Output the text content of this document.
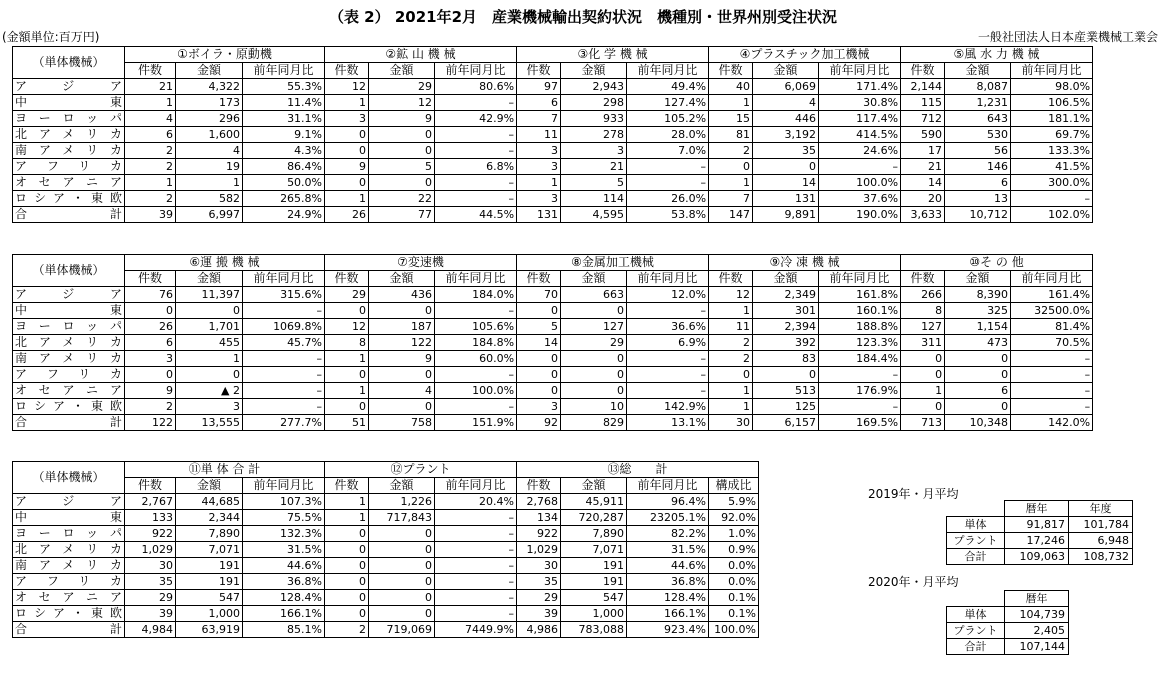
（表 2） 2021年2月　産業機械輸出契約状況　機種別・世界州別受注状況
(金額単位:百万円)	一般社団法人日本産業機械工業会
（単体機械）	①ボイラ・原動機			②鉱 山 機 械			③化 学 機 械			④プラスチック加工機械			⑤風 水 力 機 械		
	件数	金額	前年同月比	件数	金額	前年同月比	件数	金額	前年同月比	件数	金額	前年同月比	件数	金額	前年同月比
アジア	21	4,322	55.3%	12	29	80.6%	97	2,943	49.4%	40	6,069	171.4%	2,144	8,087	98.0%
中東	1	173	11.4%	1	12	–	6	298	127.4%	1	4	30.8%	115	1,231	106.5%
ヨーロッパ	4	296	31.1%	3	9	42.9%	7	933	105.2%	15	446	117.4%	712	643	181.1%
北アメリカ	6	1,600	9.1%	0	0	–	11	278	28.0%	81	3,192	414.5%	590	530	69.7%
南アメリカ	2	4	4.3%	0	0	–	3	3	7.0%	2	35	24.6%	17	56	133.3%
アフリカ	2	19	86.4%	9	5	6.8%	3	21	–	0	0	–	21	146	41.5%
オセアニア	1	1	50.0%	0	0	–	1	5	–	1	14	100.0%	14	6	300.0%
ロシア・東欧	2	582	265.8%	1	22	–	3	114	26.0%	7	131	37.6%	20	13	–
合計	39	6,997	24.9%	26	77	44.5%	131	4,595	53.8%	147	9,891	190.0%	3,633	10,712	102.0%
（単体機械）	⑥運 搬 機 械			⑦変速機			⑧金属加工機械			⑨冷 凍 機 械			⑩そ の 他		
	件数	金額	前年同月比	件数	金額	前年同月比	件数	金額	前年同月比	件数	金額	前年同月比	件数	金額	前年同月比
アジア	76	11,397	315.6%	29	436	184.0%	70	663	12.0%	12	2,349	161.8%	266	8,390	161.4%
中東	0	0	–	0	0	–	0	0	–	1	301	160.1%	8	325	32500.0%
ヨーロッパ	26	1,701	1069.8%	12	187	105.6%	5	127	36.6%	11	2,394	188.8%	127	1,154	81.4%
北アメリカ	6	455	45.7%	8	122	184.8%	14	29	6.9%	2	392	123.3%	311	473	70.5%
南アメリカ	3	1	–	1	9	60.0%	0	0	–	2	83	184.4%	0	0	–
アフリカ	0	0	–	0	0	–	0	0	–	0	0	–	0	0	–
オセアニア	9	▲ 2	–	1	4	100.0%	0	0	–	1	513	176.9%	1	6	–
ロシア・東欧	2	3	–	0	0	–	3	10	142.9%	1	125	–	0	0	–
合計	122	13,555	277.7%	51	758	151.9%	92	829	13.1%	30	6,157	169.5%	713	10,348	142.0%
（単体機械）	⑪単 体 合 計			⑫プラント			⑬総　　計			
	件数	金額	前年同月比	件数	金額	前年同月比	件数	金額	前年同月比	構成比
アジア	2,767	44,685	107.3%	1	1,226	20.4%	2,768	45,911	96.4%	5.9%
中東	133	2,344	75.5%	1	717,843	–	134	720,287	23205.1%	92.0%
ヨーロッパ	922	7,890	132.3%	0	0	–	922	7,890	82.2%	1.0%
北アメリカ	1,029	7,071	31.5%	0	0	–	1,029	7,071	31.5%	0.9%
南アメリカ	30	191	44.6%	0	0	–	30	191	44.6%	0.0%
アフリカ	35	191	36.8%	0	0	–	35	191	36.8%	0.0%
オセアニア	29	547	128.4%	0	0	–	29	547	128.4%	0.1%
ロシア・東欧	39	1,000	166.1%	0	0	–	39	1,000	166.1%	0.1%
合計	4,984	63,919	85.1%	2	719,069	7449.9%	4,986	783,088	923.4%	100.0%
2019年・月平均
	暦年	年度
単体	91,817	101,784
プラント	17,246	6,948
合計	109,063	108,732
2020年・月平均
	暦年
単体	104,739
プラント	2,405
合計	107,144
